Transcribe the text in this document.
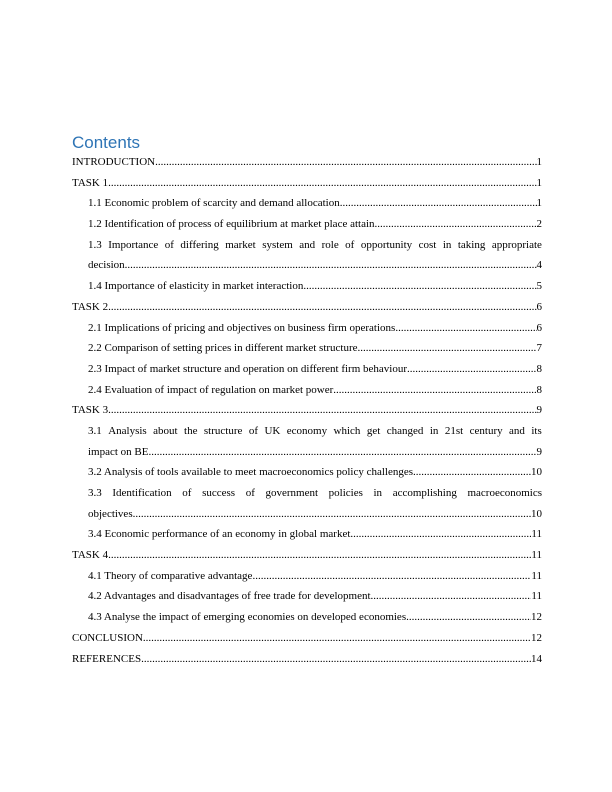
Contents
INTRODUCTION .....	1
TASK 1 .....	1
1.1 Economic problem of scarcity and demand allocation .....	1
1.2 Identification of process of equilibrium at market place attain .....	2
1.3 Importance of differing market system and role of opportunity cost in taking appropriate
decision .....	4
1.4 Importance of elasticity in market interaction .....	5
TASK 2 .....	6
2.1 Implications of pricing and objectives on business firm operations .....	6
2.2 Comparison of setting prices in different market structure .....	7
2.3 Impact of market structure and operation on different firm behaviour .....	8
2.4 Evaluation of impact of regulation on market power .....	8
TASK 3 .....	9
3.1 Analysis about the structure of UK economy which get changed in 21st century and its
impact on BE .....	9
3.2 Analysis of tools available to meet macroeconomics policy challenges .....	10
3.3 Identification of success of government policies in accomplishing macroeconomics
objectives .....	10
3.4 Economic performance of an economy in global market .....	11
TASK 4 .....	11
4.1 Theory of comparative advantage .....	11
4.2 Advantages and disadvantages of free trade for development .....	11
4.3 Analyse the impact of emerging economies on developed economies .....	12
CONCLUSION .....	12
REFERENCES .....	14
